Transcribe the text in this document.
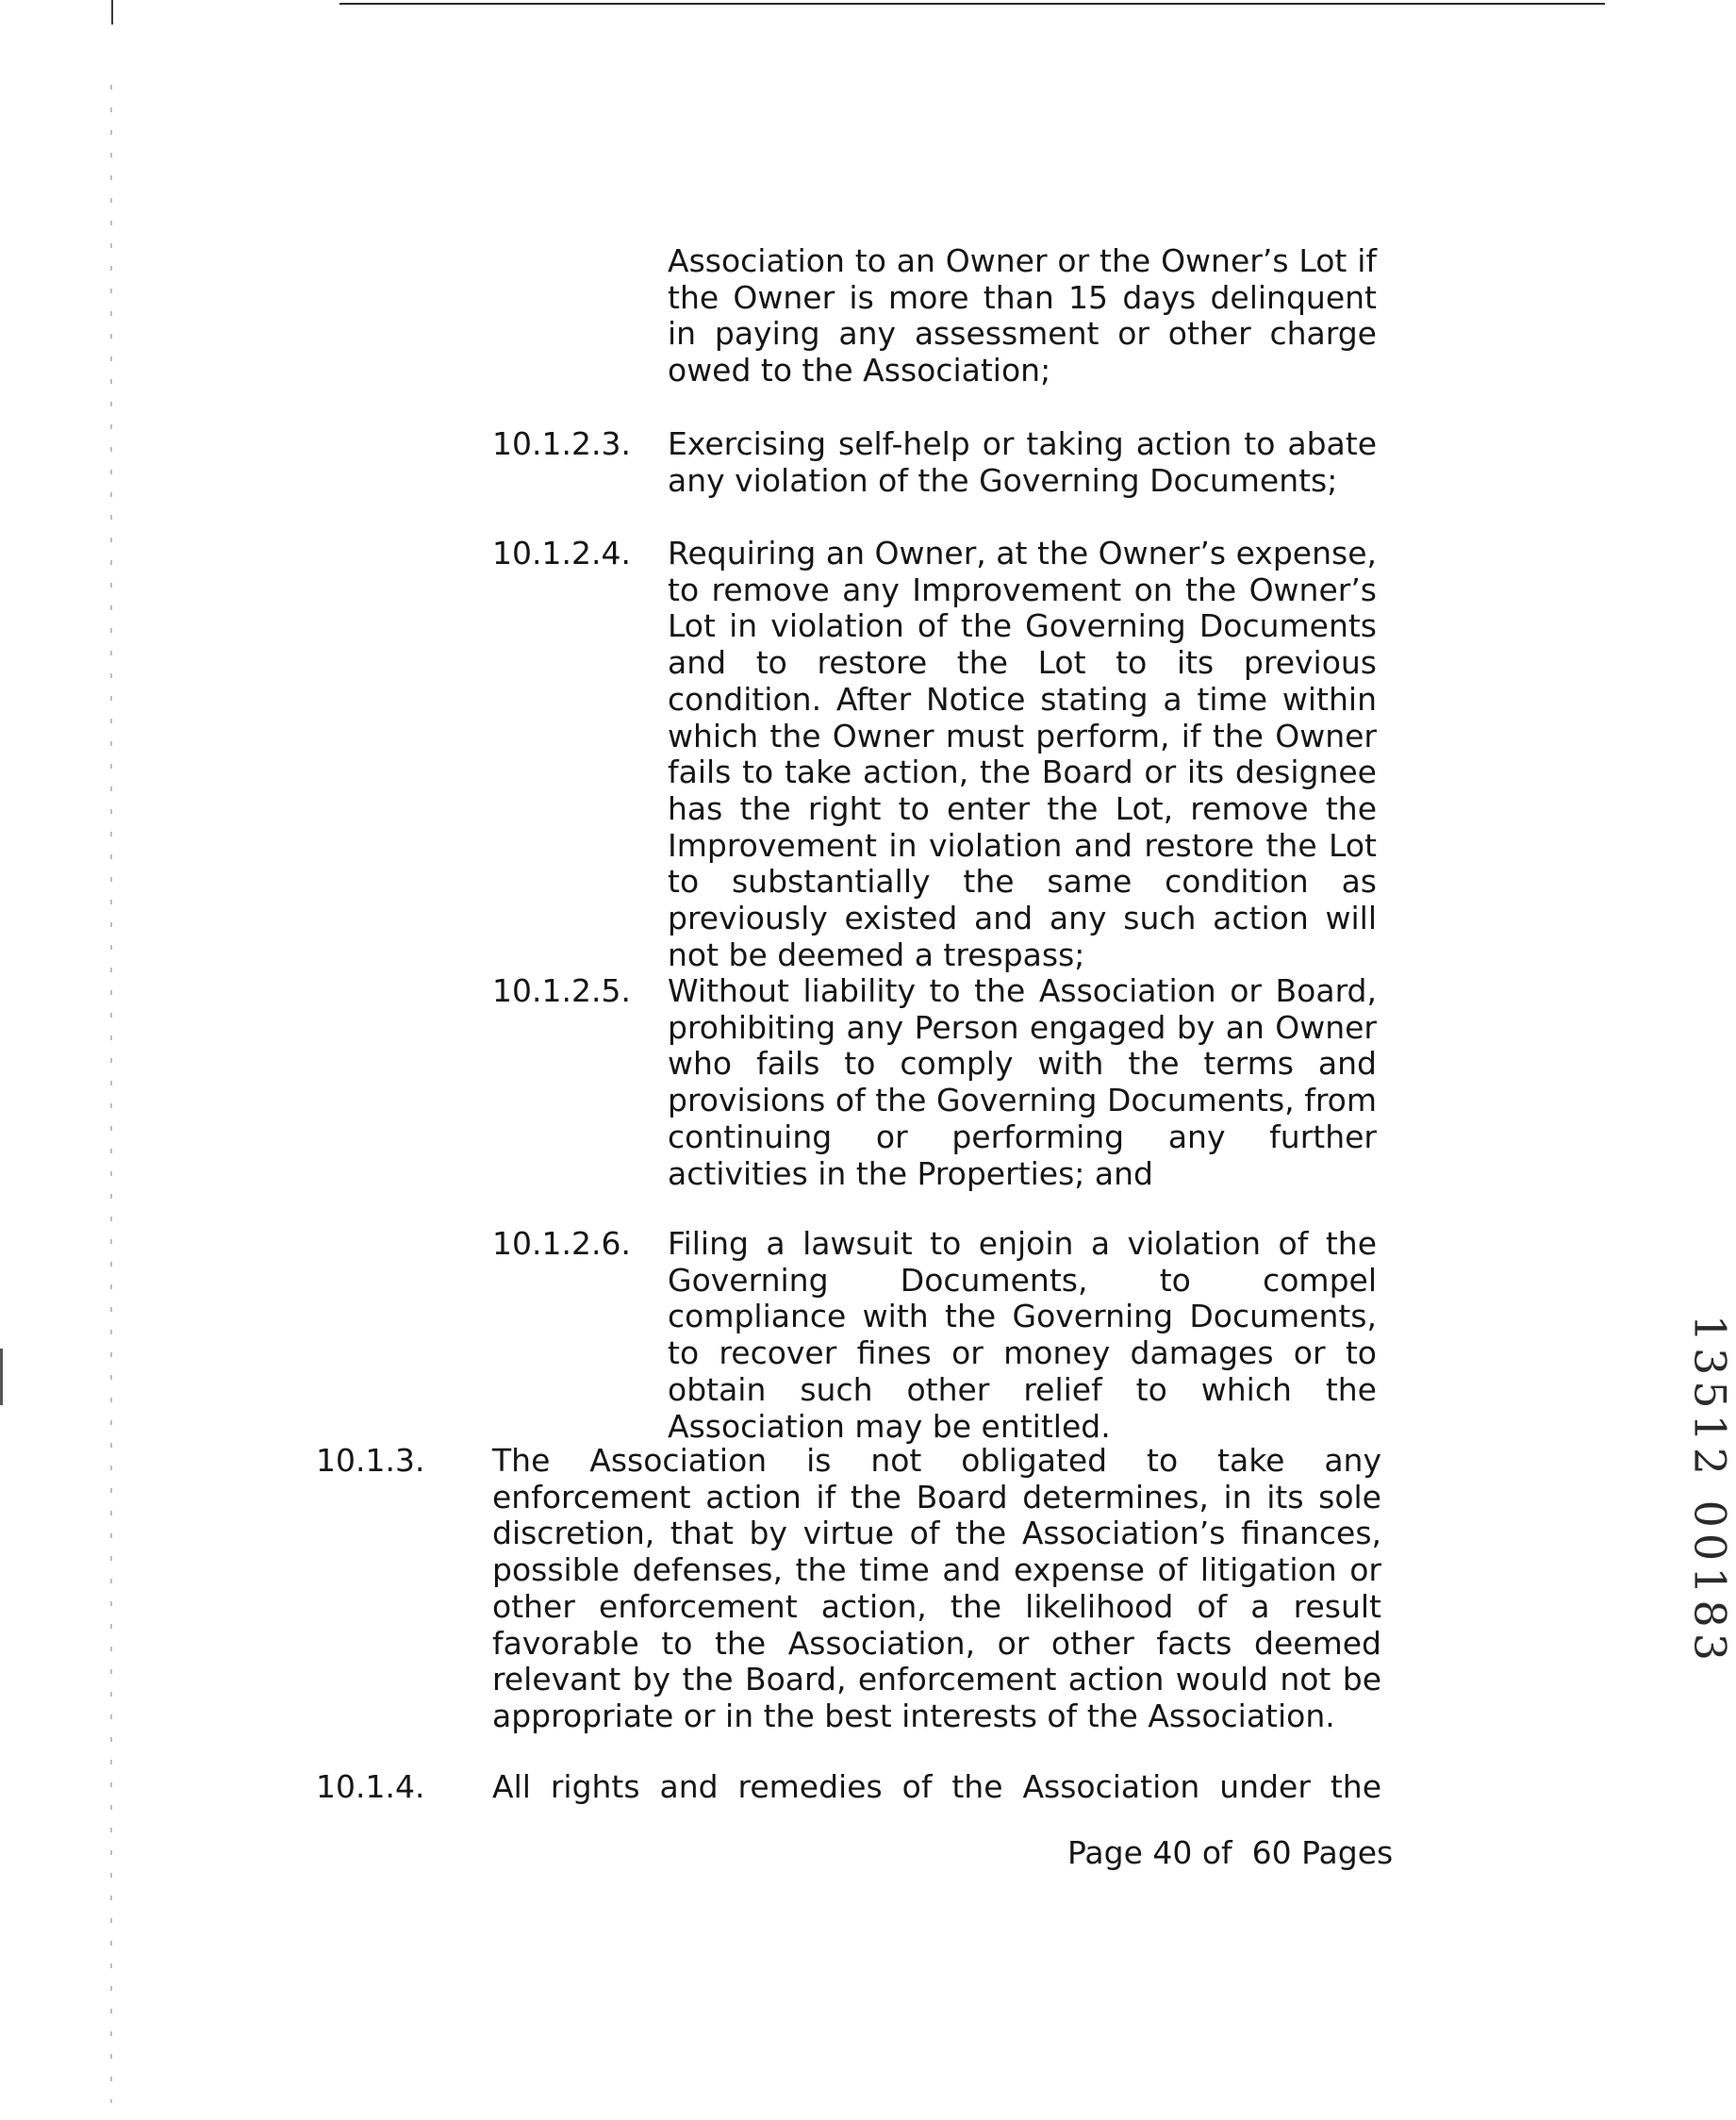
Association to an Owner or the Owner’s Lot if the Owner is more than 15 days delinquent in paying any assessment or other charge owed to the Association;

10.1.2.3. Exercising self-help or taking action to abate any violation of the Governing Documents;

10.1.2.4. Requiring an Owner, at the Owner’s expense, to remove any Improvement on the Owner’s Lot in violation of the Governing Documents and to restore the Lot to its previous condition. After Notice stating a time within which the Owner must perform, if the Owner fails to take action, the Board or its designee has the right to enter the Lot, remove the Improvement in violation and restore the Lot to substantially the same condition as previously existed and any such action will not be deemed a trespass;

10.1.2.5. Without liability to the Association or Board, prohibiting any Person engaged by an Owner who fails to comply with the terms and provisions of the Governing Documents, from continuing or performing any further activities in the Properties; and

10.1.2.6. Filing a lawsuit to enjoin a violation of the Governing Documents, to compel compliance with the Governing Documents, to recover fines or money damages or to obtain such other relief to which the Association may be entitled.

10.1.3. The Association is not obligated to take any enforcement action if the Board determines, in its sole discretion, that by virtue of the Association’s finances, possible defenses, the time and expense of litigation or other enforcement action, the likelihood of a result favorable to the Association, or other facts deemed relevant by the Board, enforcement action would not be appropriate or in the best interests of the Association.

10.1.4. All rights and remedies of the Association under the

Page 40 of  60 Pages
13512 00183
